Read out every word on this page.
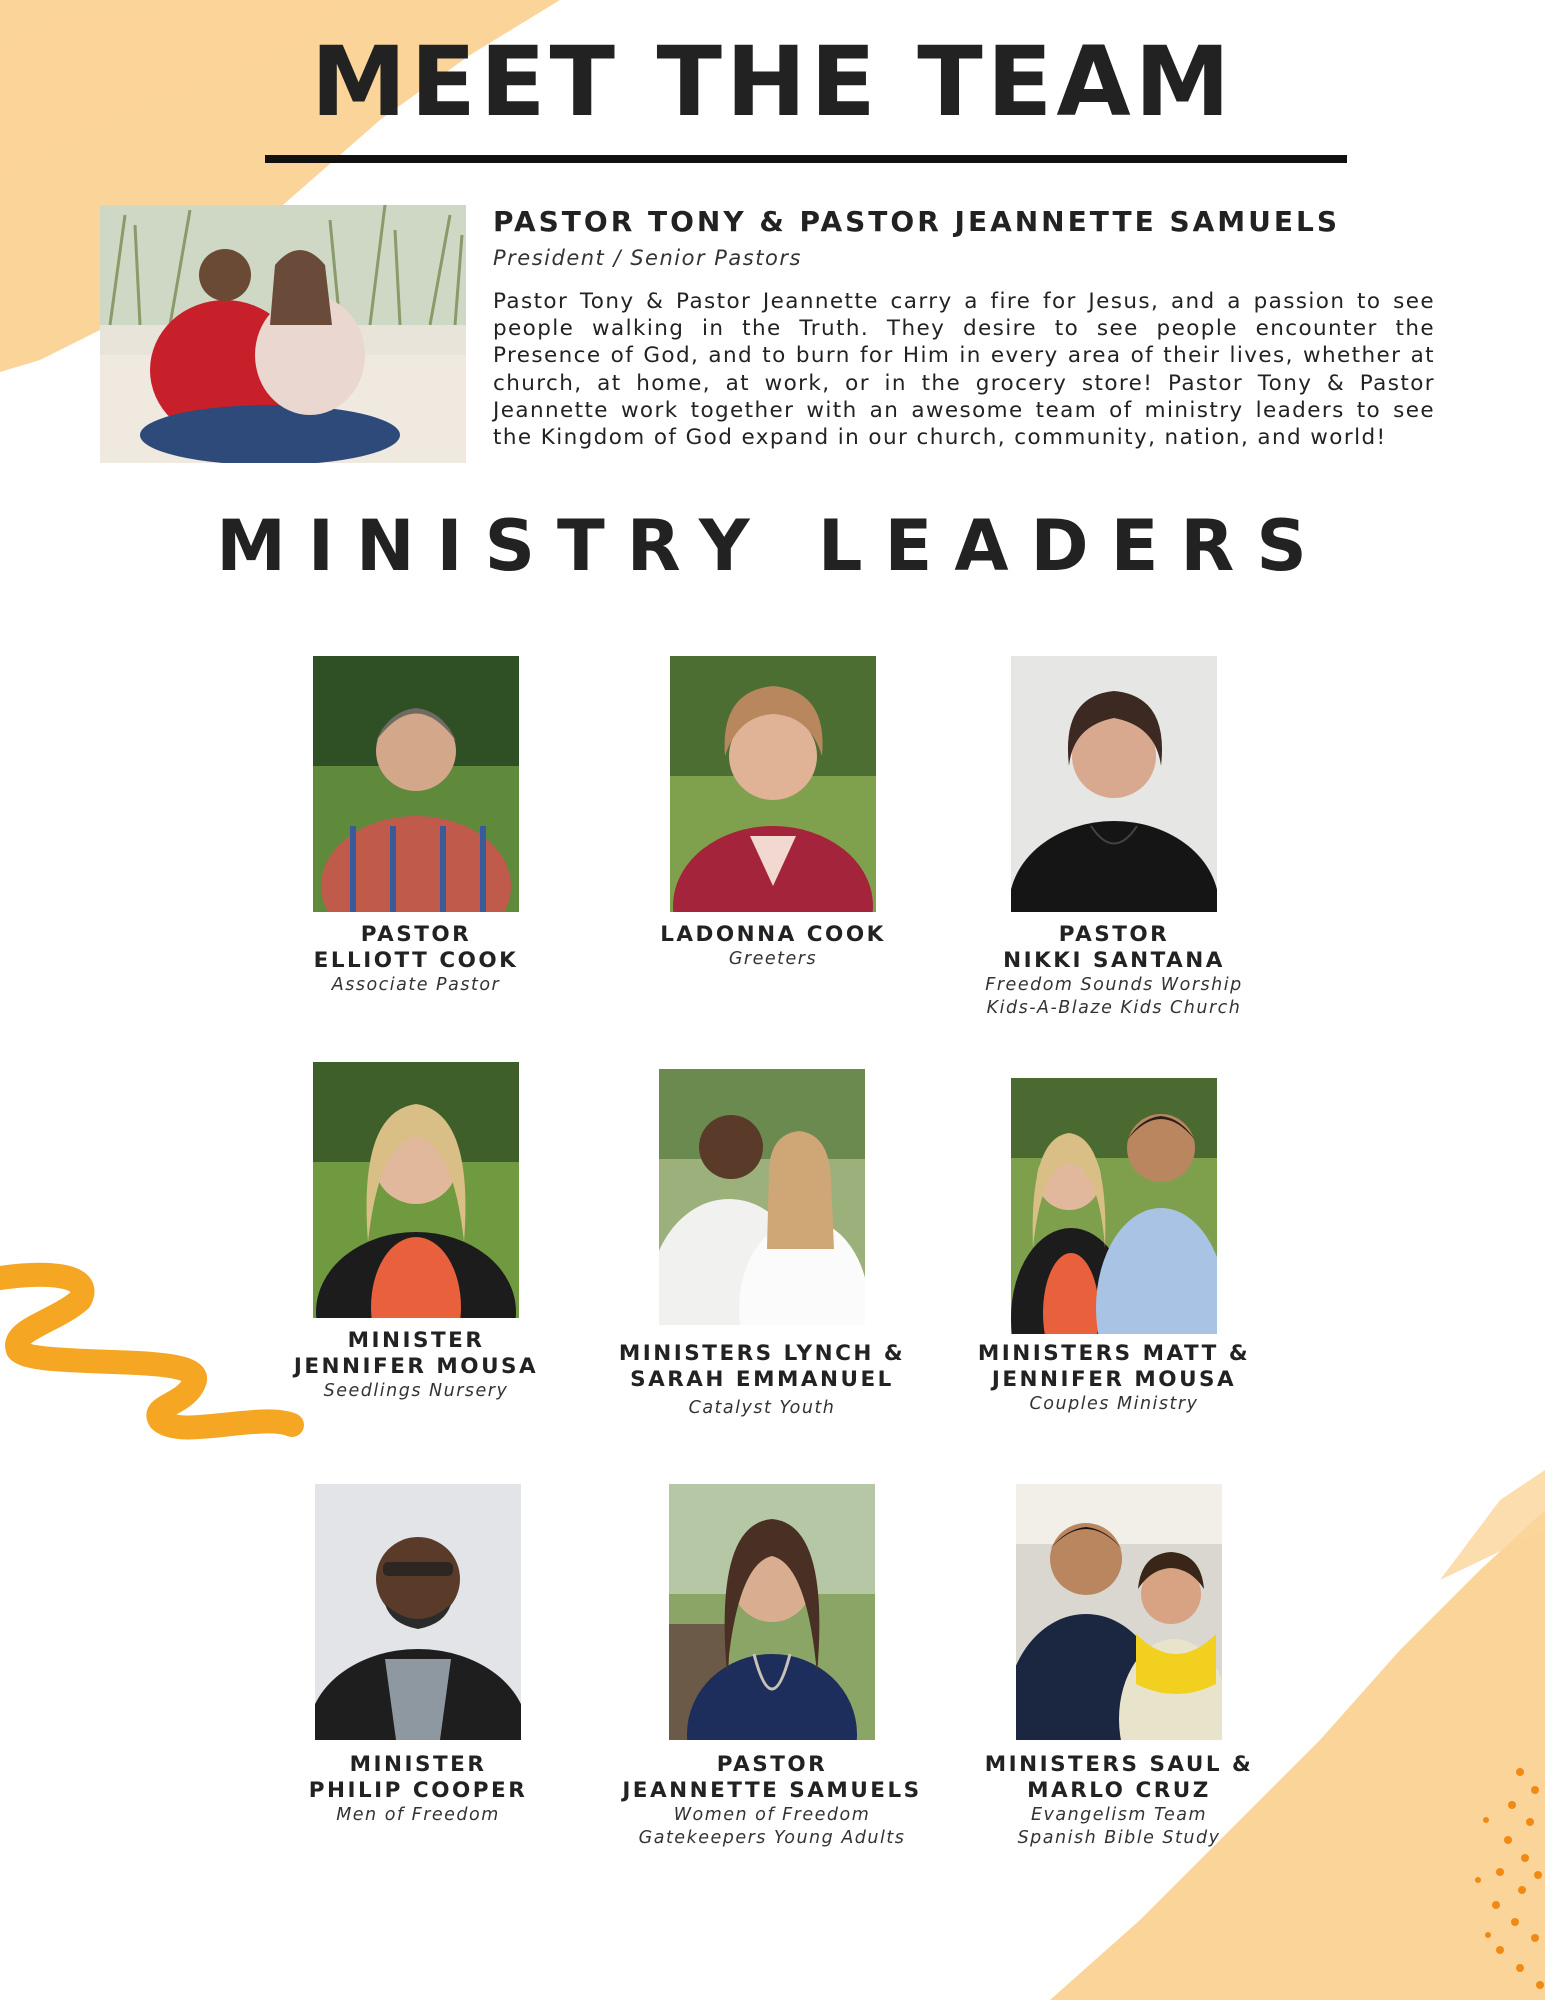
MEET THE TEAM

PASTOR TONY & PASTOR JEANNETTE SAMUELS

President / Senior Pastors

Pastor Tony & Pastor Jeannette carry a fire for Jesus, and a passion to see people walking in the Truth. They desire to see people encounter the Presence of God, and to burn for Him in every area of their lives, whether at church, at home, at work, or in the grocery store! Pastor Tony & Pastor Jeannette work together with an awesome team of ministry leaders to see the Kingdom of God expand in our church, community, nation, and world!

MINISTRY LEADERS

PASTOR

ELLIOTT COOK

Associate Pastor

LADONNA COOK

Greeters

PASTOR

NIKKI SANTANA

Freedom Sounds Worship

Kids-A-Blaze Kids Church

MINISTER

JENNIFER MOUSA

Seedlings Nursery

MINISTERS LYNCH &

SARAH EMMANUEL

Catalyst Youth

MINISTERS MATT &

JENNIFER MOUSA

Couples Ministry

MINISTER

PHILIP COOPER

Men of Freedom

PASTOR

JEANNETTE SAMUELS

Women of Freedom

Gatekeepers Young Adults

MINISTERS SAUL &

MARLO CRUZ

Evangelism Team

Spanish Bible Study
